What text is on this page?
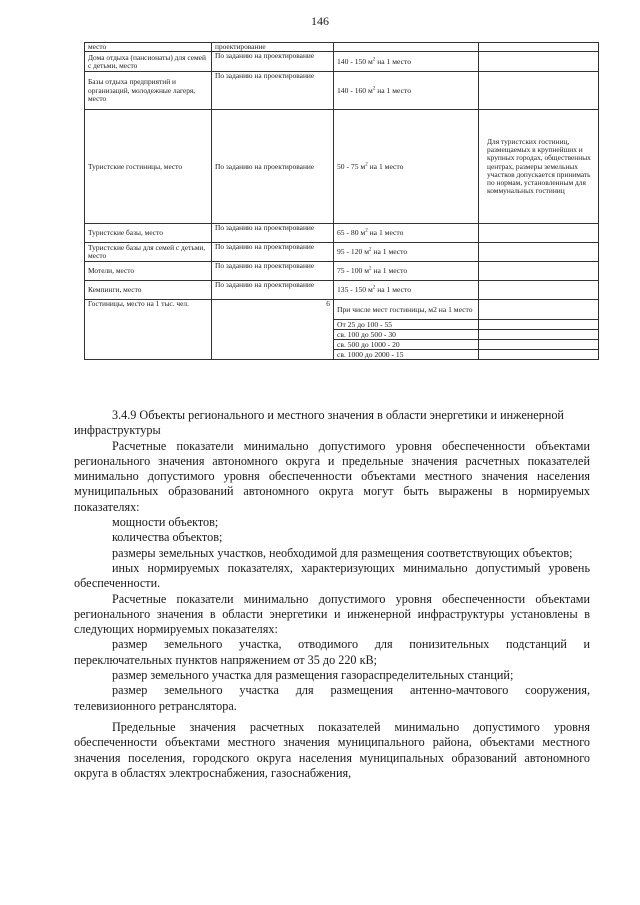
146
место	проектирование		
Дома отдыха (пансионаты) для семей с детьми, место	По заданию на проектирование	140 - 150 $м^2$ на 1 место	
Базы отдыха предприятий и организаций, молодежные лагеря, место	По заданию на проектирование	140 - 160 $м^2$ на 1 место	
Туристские гостиницы, место	По заданию на проектирование	50 - 75 $м^2$ на 1 место	Для туристских гостиниц, размещаемых в крупнейших и крупных городах, общественных центрах, размеры земельных участков допускается принимать по нормам, установленным для коммунальных гостиниц
Туристские базы, место	По заданию на проектирование	65 - 80 $м^2$ на 1 место	
Туристские базы для семей с детьми, место	По заданию на проектирование	95 - 120 $м^2$ на 1 место	
Мотели, место	По заданию на проектирование	75 - 100 $м^2$ на 1 место	
Кемпинги, место	По заданию на проектирование	135 - 150 $м^2$ на 1 место	
Гостиницы, место на 1 тыс. чел.	6	При числе мест гостиницы, м2 на 1 место	
		От 25 до 100 - 55	
		св. 100 до 500 - 30	
		св. 500 до 1000 - 20	
		св. 1000 до 2000 - 15	

3.4.9 Объекты регионального и местного значения в области энергетики и инженерной инфраструктуры

Расчетные показатели минимально допустимого уровня обеспеченности объектами регионального значения автономного округа и предельные значения расчетных показателей минимально допустимого уровня обеспеченности объектами местного значения населения муниципальных образований автономного округа могут быть выражены в нормируемых показателях:

мощности объектов;

количества объектов;

размеры земельных участков, необходимой для размещения соответствующих объектов;

иных нормируемых показателях, характеризующих минимально допустимый уровень обеспеченности.

Расчетные показатели минимально допустимого уровня обеспеченности объектами регионального значения в области энергетики и инженерной инфраструктуры установлены в следующих нормируемых показателях:

размер земельного участка, отводимого для понизительных подстанций и переключательных пунктов напряжением от 35 до 220 кВ;

размер земельного участка для размещения газораспределительных станций;

размер земельного участка для размещения антенно-мачтового сооружения, телевизионного ретранслятора.

Предельные значения расчетных показателей минимально допустимого уровня обеспеченности объектами местного значения муниципального района, объектами местного значения поселения, городского округа населения муниципальных образований автономного округа в областях электроснабжения, газоснабжения,
